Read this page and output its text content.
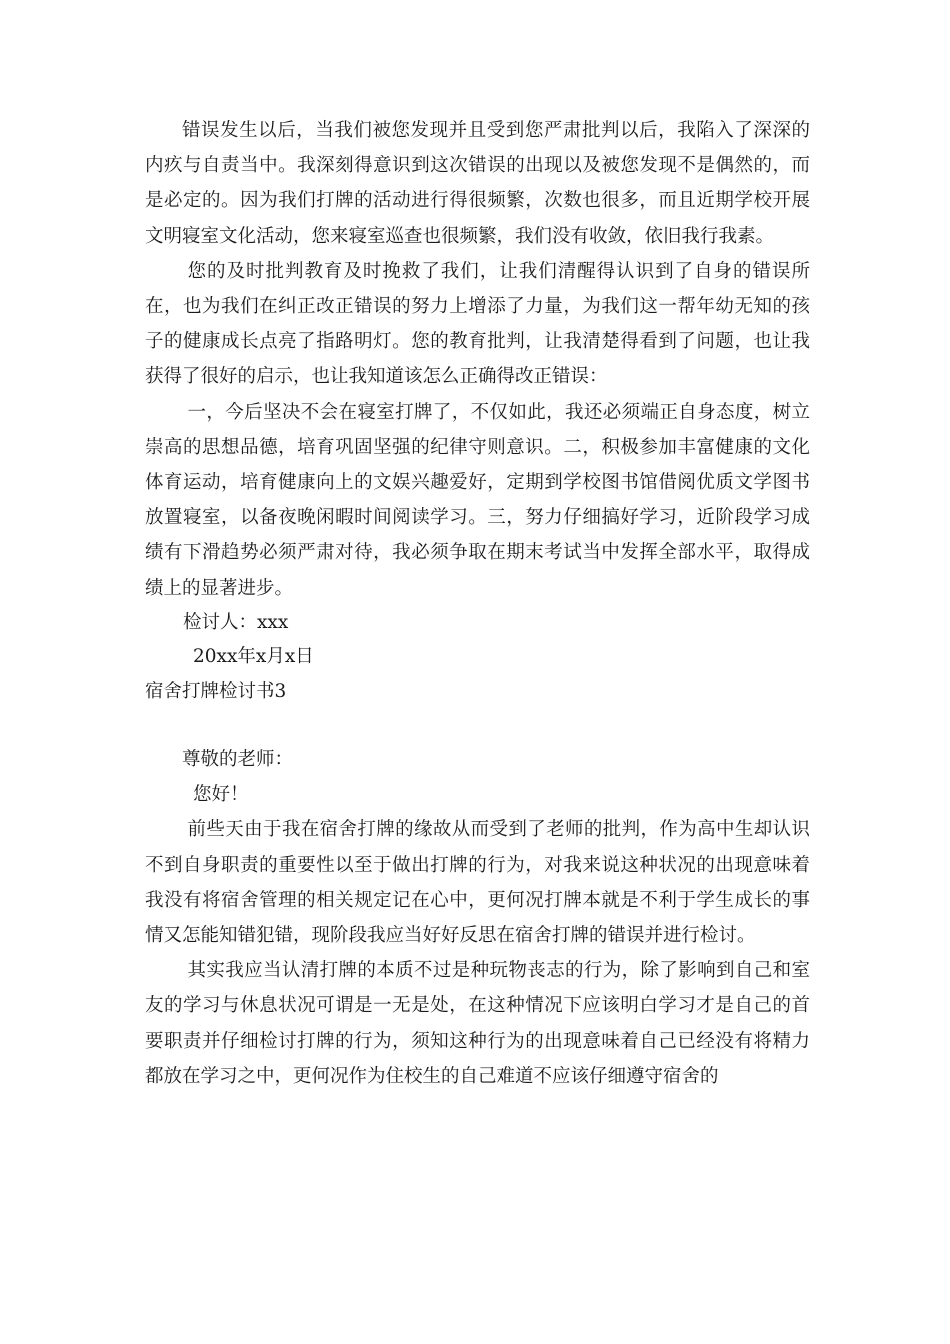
错误发生以后，当我们被您发现并且受到您严肃批判以后，我陷入了深深的内疚与自责当中。我深刻得意识到这次错误的出现以及被您发现不是偶然的，而是必定的。因为我们打牌的活动进行得很频繁，次数也很多，而且近期学校开展文明寝室文化活动，您来寝室巡查也很频繁，我们没有收敛，依旧我行我素。

您的及时批判教育及时挽救了我们，让我们清醒得认识到了自身的错误所在，也为我们在纠正改正错误的努力上增添了力量，为我们这一帮年幼无知的孩子的健康成长点亮了指路明灯。您的教育批判，让我清楚得看到了问题，也让我获得了很好的启示，也让我知道该怎么正确得改正错误：

一，今后坚决不会在寝室打牌了，不仅如此，我还必须端正自身态度，树立崇高的思想品德，培育巩固坚强的纪律守则意识。二，积极参加丰富健康的文化体育运动，培育健康向上的文娱兴趣爱好，定期到学校图书馆借阅优质文学图书放置寝室，以备夜晚闲暇时间阅读学习。三，努力仔细搞好学习，近阶段学习成绩有下滑趋势必须严肃对待，我必须争取在期末考试当中发挥全部水平，取得成绩上的显著进步。

检讨人：xxx

20xx年x月x日

宿舍打牌检讨书3

尊敬的老师：

您好！

前些天由于我在宿舍打牌的缘故从而受到了老师的批判，作为高中生却认识不到自身职责的重要性以至于做出打牌的行为，对我来说这种状况的出现意味着我没有将宿舍管理的相关规定记在心中，更何况打牌本就是不利于学生成长的事情又怎能知错犯错，现阶段我应当好好反思在宿舍打牌的错误并进行检讨。

其实我应当认清打牌的本质不过是种玩物丧志的行为，除了影响到自己和室友的学习与休息状况可谓是一无是处，在这种情况下应该明白学习才是自己的首要职责并仔细检讨打牌的行为，须知这种行为的出现意味着自己已经没有将精力都放在学习之中，更何况作为住校生的自己难道不应该仔细遵守宿舍的
